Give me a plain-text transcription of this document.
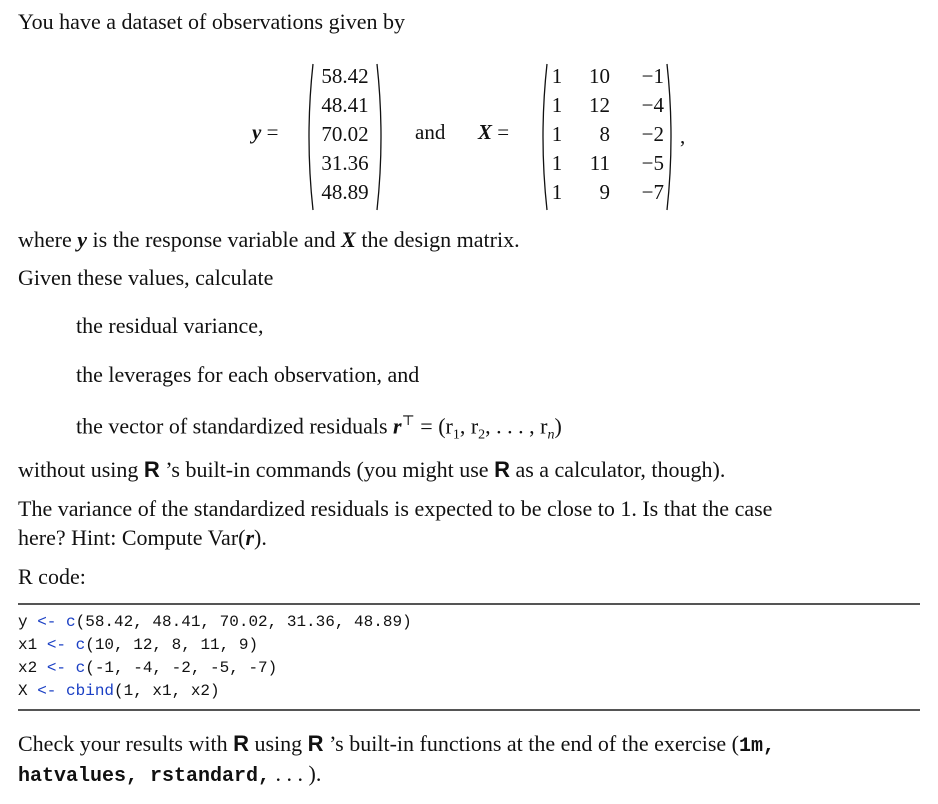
You have a dataset of observations given by
y =
58.42
48.41
70.02
31.36
48.89
and X =
1	10	−1
1	12	−4
1	8	−2
1	11	−5
1	9	−7
,
where y is the response variable and X the design matrix.
Given these values, calculate
the residual variance,
the leverages for each observation, and
the vector of standardized residuals $r^⊤ = (r_1$, $r_2$, . . . , $r_n$)
without using R ’s built-in commands (you might use R as a calculator, though).
The variance of the standardized residuals is expected to be close to 1. Is that the case
here? Hint: Compute Var(r).
R code:
y <- c(58.42, 48.41, 70.02, 31.36, 48.89)
x1 <- c(10, 12, 8, 11, 9)
x2 <- c(-1, -4, -2, -5, -7)
X <- cbind(1, x1, x2)
Check your results with R using R ’s built-in functions at the end of the exercise (1m,
hatvalues, rstandard, . . . ).
